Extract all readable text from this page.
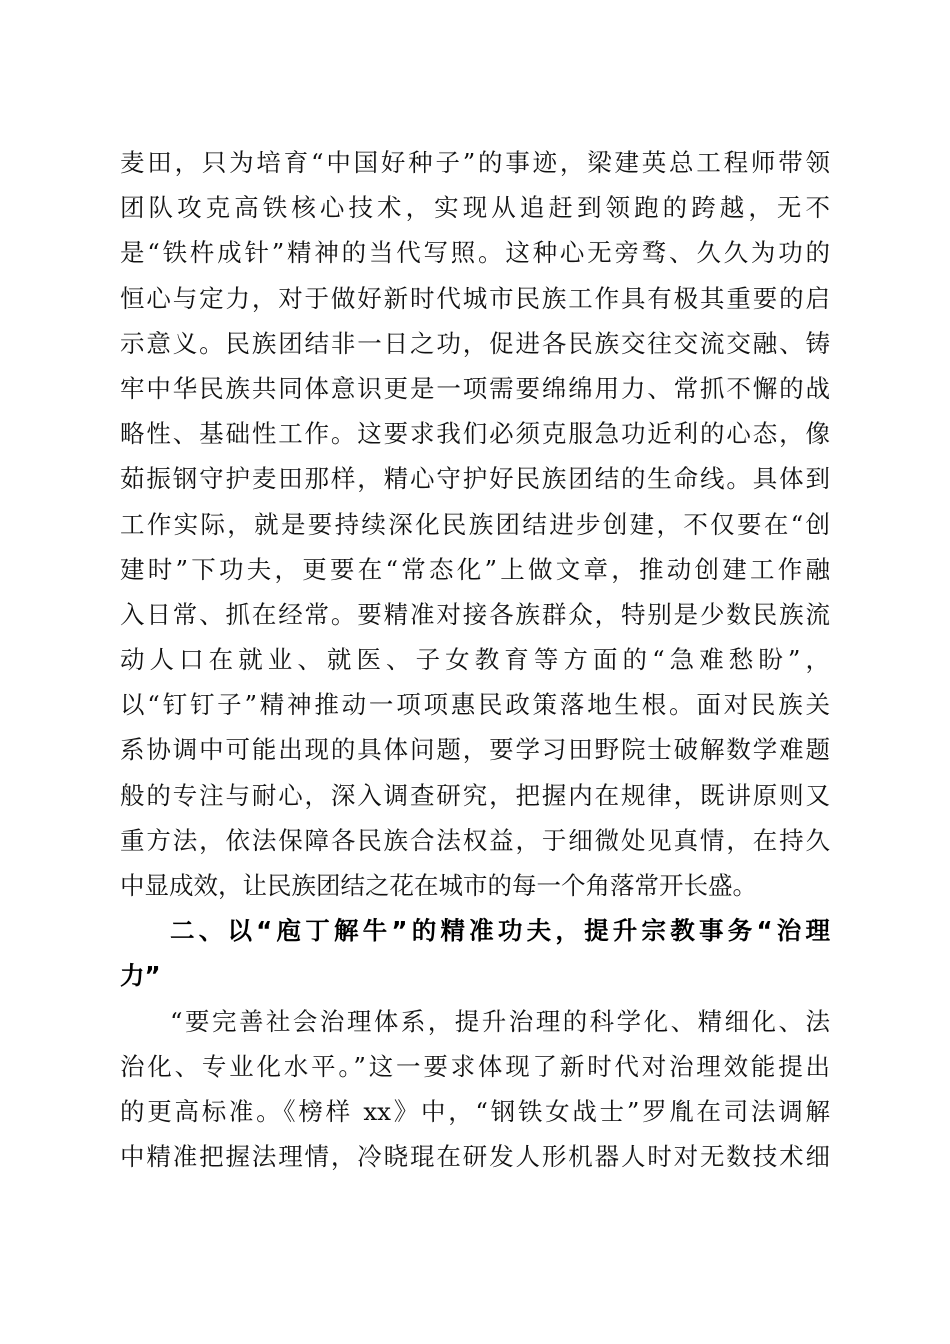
麦田，只为培育“中国好种子”的事迹，梁建英总工程师带领
团队攻克高铁核心技术，实现从追赶到领跑的跨越，无不
是“铁杵成针”精神的当代写照。这种心无旁骛、久久为功的
恒心与定力，对于做好新时代城市民族工作具有极其重要的启
示意义。民族团结非一日之功，促进各民族交往交流交融、铸
牢中华民族共同体意识更是一项需要绵绵用力、常抓不懈的战
略性、基础性工作。这要求我们必须克服急功近利的心态，像
茹振钢守护麦田那样，精心守护好民族团结的生命线。具体到
工作实际，就是要持续深化民族团结进步创建，不仅要在“创
建时”下功夫，更要在“常态化”上做文章，推动创建工作融
入日常、抓在经常。要精准对接各族群众，特别是少数民族流
动人口在就业、就医、子女教育等方面的“急难愁盼”，
以“钉钉子”精神推动一项项惠民政策落地生根。面对民族关
系协调中可能出现的具体问题，要学习田野院士破解数学难题
般的专注与耐心，深入调查研究，把握内在规律，既讲原则又
重方法，依法保障各民族合法权益，于细微处见真情，在持久
中显成效，让民族团结之花在城市的每一个角落常开长盛。
二、以“庖丁解牛”的精准功夫，提升宗教事务“治理
力”
“要完善社会治理体系，提升治理的科学化、精细化、法
治化、专业化水平。”这一要求体现了新时代对治理效能提出
的更高标准。《榜样 xx》中，“钢铁女战士”罗胤在司法调解
中精准把握法理情，冷晓琨在研发人形机器人时对无数技术细
